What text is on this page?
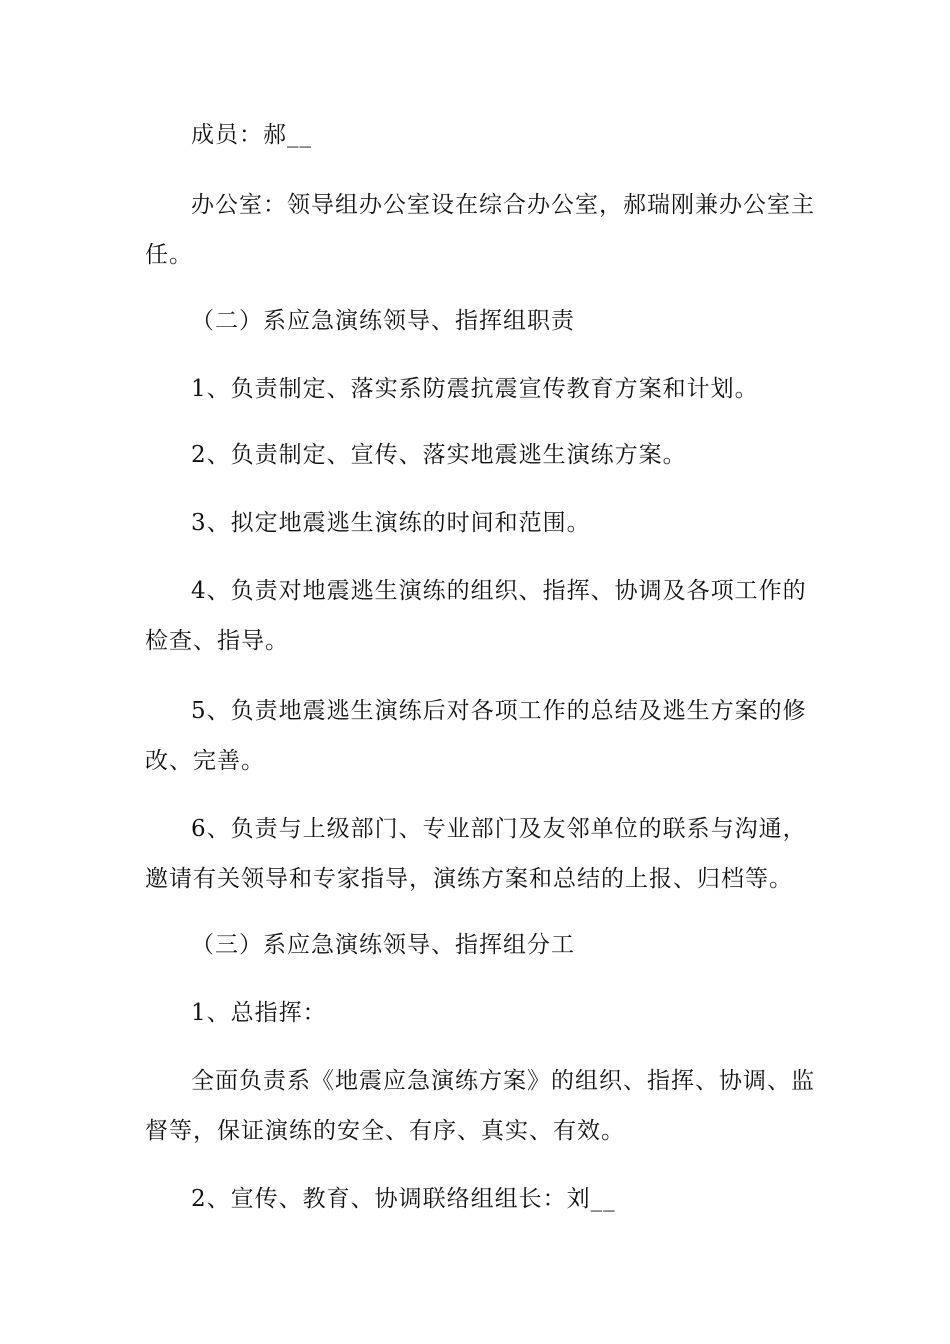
成员：郝__

办公室：领导组办公室设在综合办公室，郝瑞刚兼办公室主任。

（二）系应急演练领导、指挥组职责

1、负责制定、落实系防震抗震宣传教育方案和计划。

2、负责制定、宣传、落实地震逃生演练方案。

3、拟定地震逃生演练的时间和范围。

4、负责对地震逃生演练的组织、指挥、协调及各项工作的检查、指导。

5、负责地震逃生演练后对各项工作的总结及逃生方案的修改、完善。

6、负责与上级部门、专业部门及友邻单位的联系与沟通，邀请有关领导和专家指导，演练方案和总结的上报、归档等。

（三）系应急演练领导、指挥组分工

1、总指挥：

全面负责系《地震应急演练方案》的组织、指挥、协调、监督等，保证演练的安全、有序、真实、有效。

2、宣传、教育、协调联络组组长：刘__
